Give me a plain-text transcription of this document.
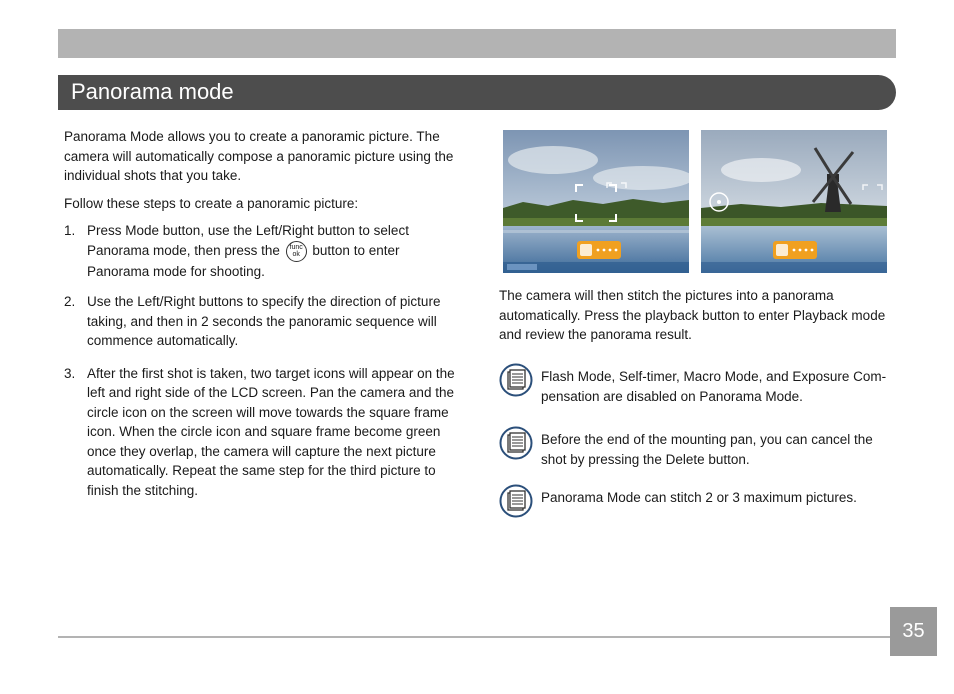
Panorama mode

Panorama Mode allows you to create a panoramic picture. The camera will automatically compose a panoramic picture using the individual shots that you take.

Follow these steps to create a panoramic picture:

1. Press Mode button, use the Left/Right button to select Panorama mode, then press the func
ok button to enter Panorama mode for shooting.
2. Use the Left/Right buttons to specify the direction of picture taking, and then in 2 seconds the panoramic sequence will commence automatically.
3. After the first shot is taken, two target icons will appear on the left and right side of the LCD screen. Pan the camera and the circle icon on the screen will move towards the square frame icon. When the circle icon and square frame become green once they overlap, the camera will capture the next picture automatically. Repeat the same step for the third picture to finish the stitching.

The camera will then stitch the pictures into a panorama automatically. Press the playback button to enter Playback mode and review the panorama result.

Flash Mode, Self-timer, Macro Mode, and Exposure Com-pensation are disabled on Panorama Mode.
Before the end of the mounting pan, you can cancel the shot by pressing the Delete button.
Panorama Mode can stitch 2 or 3 maximum pictures.
35
